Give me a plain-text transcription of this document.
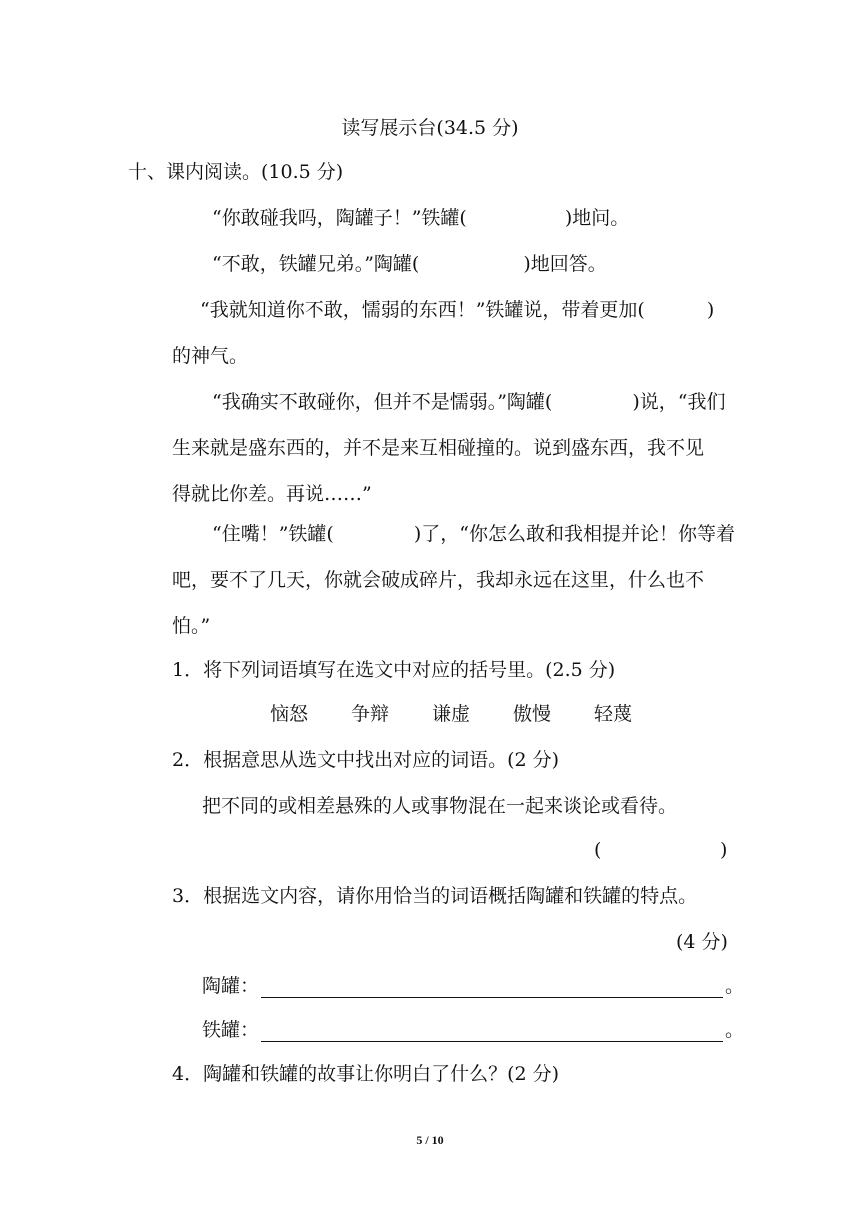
读写展示台(34.5 分)
十、课内阅读。(10.5 分)
“你敢碰我吗，陶罐子！”铁罐(	)地问。
“不敢，铁罐兄弟。”陶罐(	)地回答。
“我就知道你不敢，懦弱的东西！”铁罐说，带着更加(	)
的神气。
“我确实不敢碰你，但并不是懦弱。”陶罐(	)说，“我们
生来就是盛东西的，并不是来互相碰撞的。说到盛东西，我不见
得就比你差。再说……”
“住嘴！”铁罐(	)了，“你怎么敢和我相提并论！你等着
吧，要不了几天，你就会破成碎片，我却永远在这里，什么也不
怕。”
1．将下列词语填写在选文中对应的括号里。(2.5 分)
恼怒 争辩 谦虚 傲慢 轻蔑
2．根据意思从选文中找出对应的词语。(2 分)
把不同的或相差悬殊的人或事物混在一起来谈论或看待。
(	)
3．根据选文内容，请你用恰当的词语概括陶罐和铁罐的特点。
(4 分)
陶罐：	。
铁罐：	。
4．陶罐和铁罐的故事让你明白了什么？(2 分)
5 / 10
